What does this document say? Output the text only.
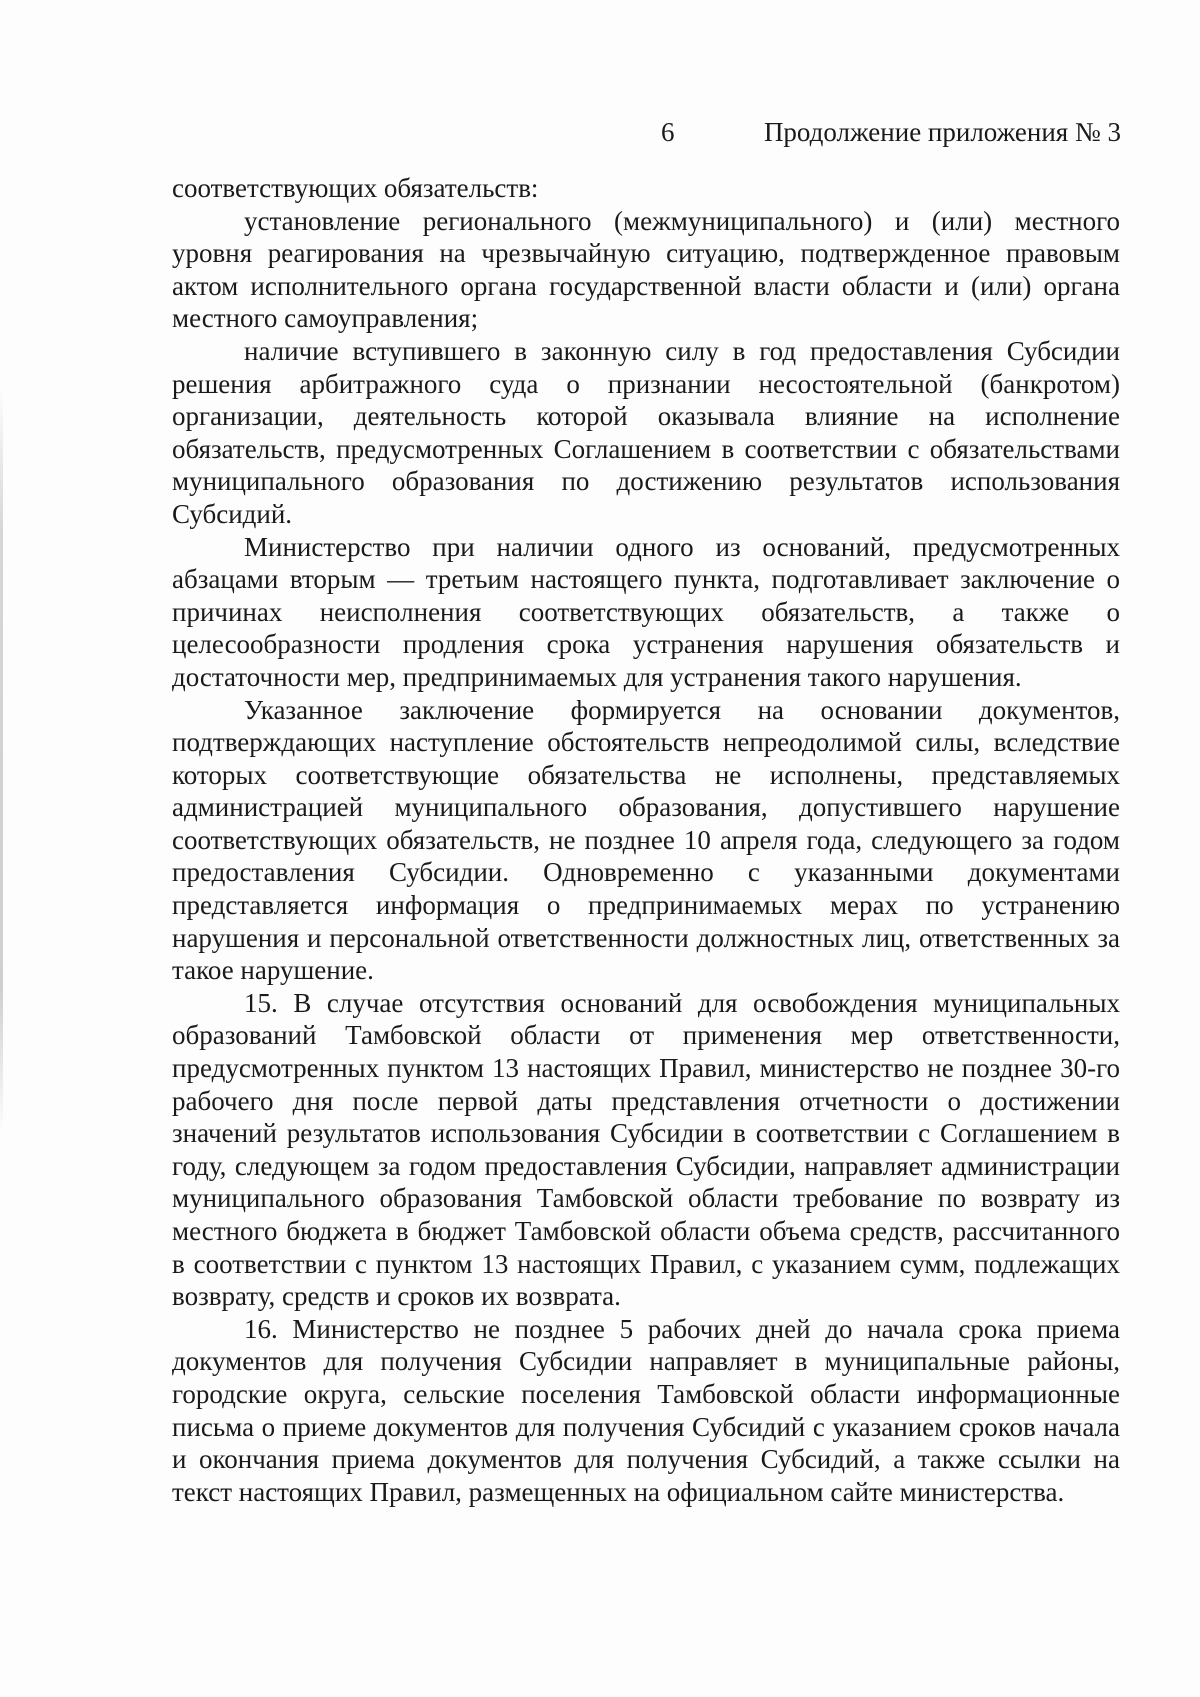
6	Продолжение приложения № 3

соответствующих обязательств:

установление регионального (межмуниципального) и (или) местного уровня реагирования на чрезвычайную ситуацию, подтвержденное правовым актом исполнительного органа государственной власти области и (или) органа местного самоуправления;

наличие вступившего в законную силу в год предоставления Субсидии решения арбитражного суда о признании несостоятельной (банкротом) организации, деятельность которой оказывала влияние на исполнение обязательств, предусмотренных Соглашением в соответствии с обязательствами муниципального образования по достижению результатов использования Субсидий.

Министерство при наличии одного из оснований, предусмотренных абзацами вторым — третьим настоящего пункта, подготавливает заключение о причинах неисполнения соответствующих обязательств, а также о целесообразности продления срока устранения нарушения обязательств и достаточности мер, предпринимаемых для устранения такого нарушения.

Указанное заключение формируется на основании документов, подтверждающих наступление обстоятельств непреодолимой силы, вследствие которых соответствующие обязательства не исполнены, представляемых администрацией муниципального образования, допустившего нарушение соответствующих обязательств, не позднее 10 апреля года, следующего за годом предоставления Субсидии. Одновременно с указанными документами представляется информация о предпринимаемых мерах по устранению нарушения и персональной ответственности должностных лиц, ответственных за такое нарушение.

15. В случае отсутствия оснований для освобождения муниципальных образований Тамбовской области от применения мер ответственности, предусмотренных пунктом 13 настоящих Правил, министерство не позднее 30-го рабочего дня после первой даты представления отчетности о достижении значений результатов использования Субсидии в соответствии с Соглашением в году, следующем за годом предоставления Субсидии, направляет администрации муниципального образования Тамбовской области требование по возврату из местного бюджета в бюджет Тамбовской области объема средств, рассчитанного в соответствии с пунктом 13 настоящих Правил, с указанием сумм, подлежащих возврату, средств и сроков их возврата.

16. Министерство не позднее 5 рабочих дней до начала срока приема документов для получения Субсидии направляет в муниципальные районы, городские округа, сельские поселения Тамбовской области информационные письма о приеме документов для получения Субсидий с указанием сроков начала и окончания приема документов для получения Субсидий, а также ссылки на текст настоящих Правил, размещенных на официальном сайте министерства.
